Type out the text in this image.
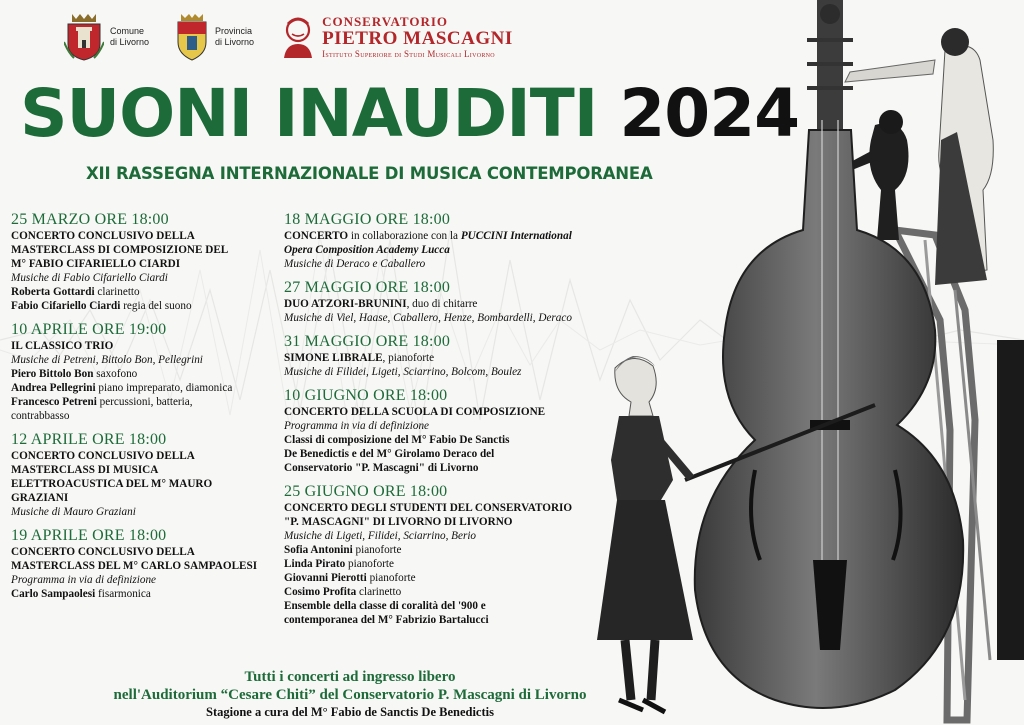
Comune
di Livorno
Provincia
di Livorno
CONSERVATORIO
PIETRO MASCAGNI
Istituto Superiore di Studi Musicali Livorno
SUONI INAUDITI 2024
XII RASSEGNA INTERNAZIONALE DI MUSICA CONTEMPORANEA
25 MARZO ORE 18:00
CONCERTO CONCLUSIVO DELLA
MASTERCLASS DI COMPOSIZIONE DEL
M° FABIO CIFARIELLO CIARDI
Musiche di Fabio Cifariello Ciardi
Roberta Gottardi clarinetto
Fabio Cifariello Ciardi regia del suono
10 APRILE ORE 19:00
IL CLASSICO TRIO
Musiche di Petreni, Bittolo Bon, Pellegrini
Piero Bittolo Bon saxofono
Andrea Pellegrini piano impreparato, diamonica
Francesco Petreni percussioni, batteria,
contrabbasso
12 APRILE ORE 18:00
CONCERTO CONCLUSIVO DELLA
MASTERCLASS DI MUSICA
ELETTROACUSTICA DEL M° MAURO
GRAZIANI
Musiche di Mauro Graziani
19 APRILE ORE 18:00
CONCERTO CONCLUSIVO DELLA
MASTERCLASS DEL M° CARLO SAMPAOLESI
Programma in via di definizione
Carlo Sampaolesi fisarmonica
18 MAGGIO ORE 18:00
CONCERTO in collaborazione con la PUCCINI International
Opera Composition Academy Lucca
Musiche di Deraco e Caballero
27 MAGGIO ORE 18:00
DUO ATZORI-BRUNINI, duo di chitarre
Musiche di Viel, Haase, Caballero, Henze, Bombardelli, Deraco
31 MAGGIO ORE 18:00
SIMONE LIBRALE, pianoforte
Musiche di Filidei, Ligeti, Sciarrino, Bolcom, Boulez
10 GIUGNO ORE 18:00
CONCERTO DELLA SCUOLA DI COMPOSIZIONE
Programma in via di definizione
Classi di composizione del M° Fabio De Sanctis
De Benedictis e del M° Girolamo Deraco del
Conservatorio "P. Mascagni" di Livorno
25 GIUGNO ORE 18:00
CONCERTO DEGLI STUDENTI DEL CONSERVATORIO
"P. MASCAGNI" DI LIVORNO DI LIVORNO
Musiche di Ligeti, Filidei, Sciarrino, Berio
Sofia Antonini pianoforte
Linda Pirato pianoforte
Giovanni Pierotti pianoforte
Cosimo Profita clarinetto
Ensemble della classe di coralità del '900 e
contemporanea del M° Fabrizio Bartalucci
Tutti i concerti ad ingresso libero
nell'Auditorium “Cesare Chiti” del Conservatorio P. Mascagni di Livorno
Stagione a cura del M° Fabio de Sanctis De Benedictis
